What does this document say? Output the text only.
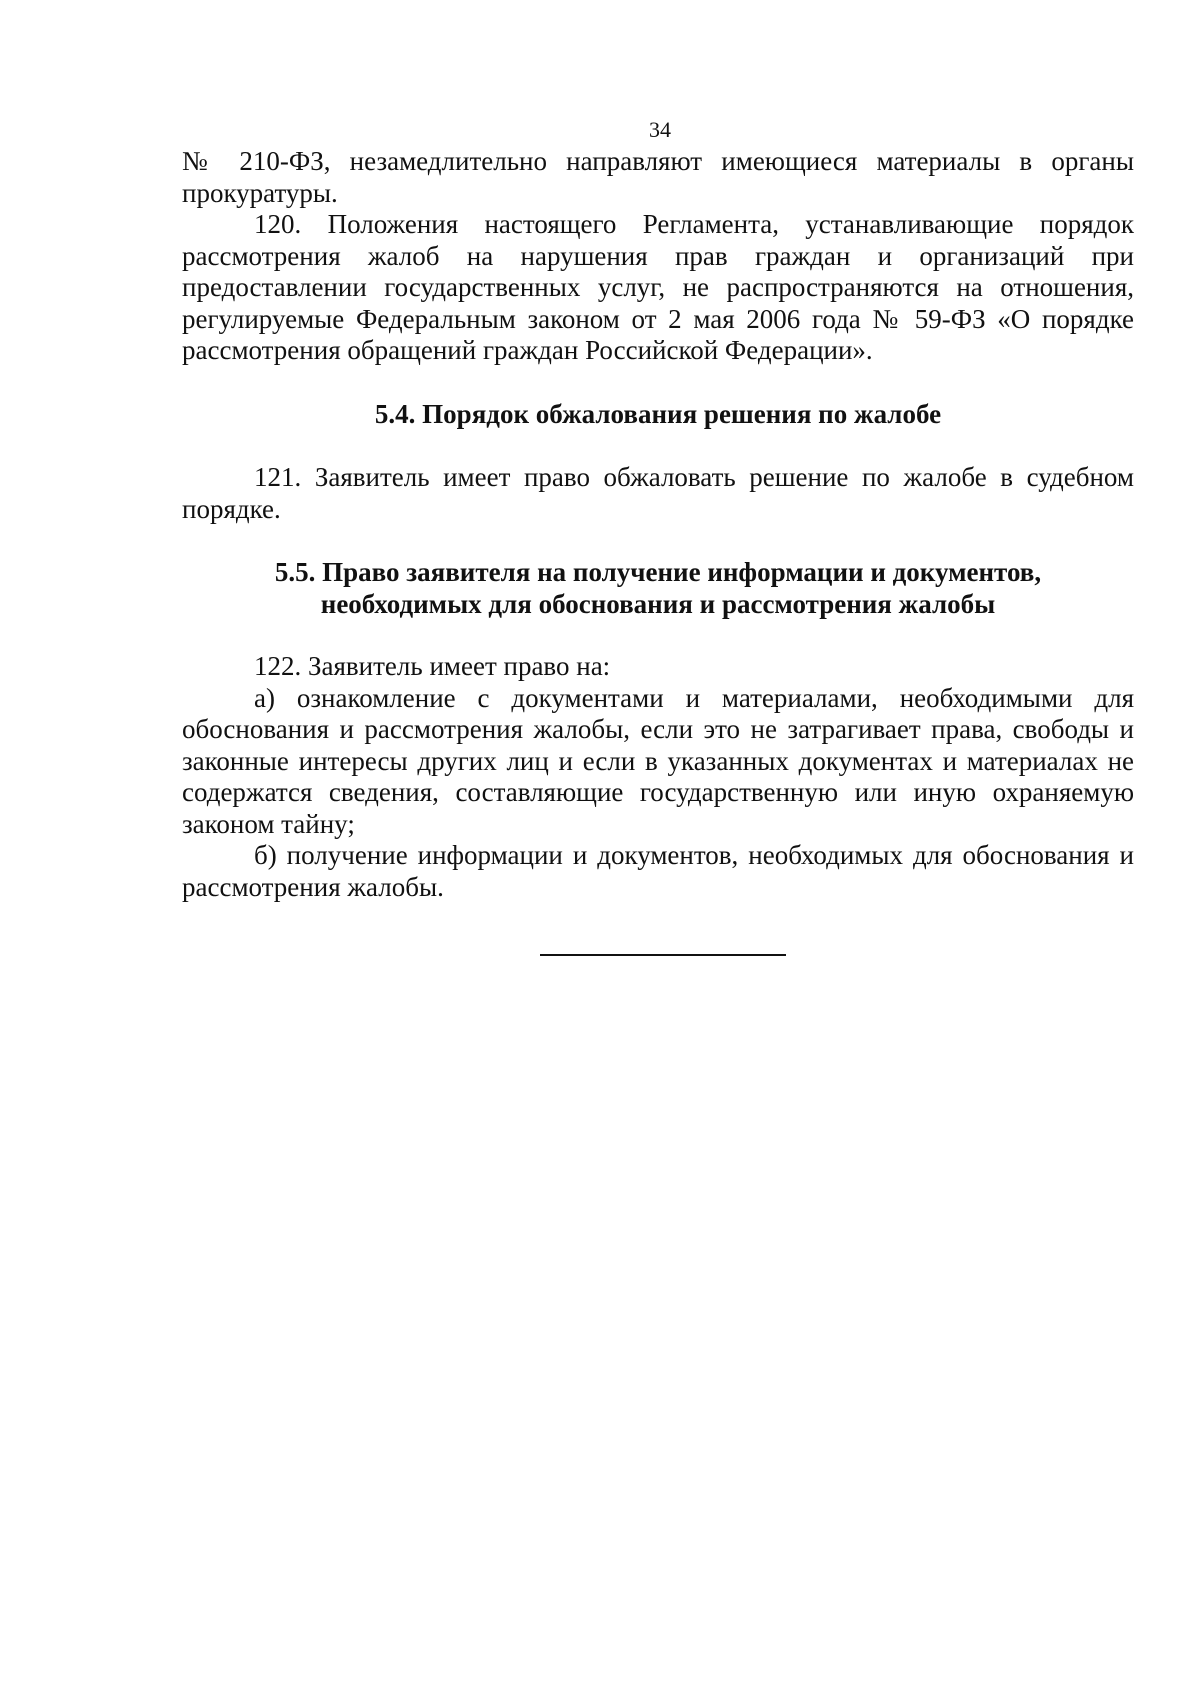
34

№ 210-ФЗ, незамедлительно направляют имеющиеся материалы в органы прокуратуры.

120. Положения настоящего Регламента, устанавливающие порядок рассмотрения жалоб на нарушения прав граждан и организаций при предоставлении государственных услуг, не распространяются на отношения, регулируемые Федеральным законом от 2 мая 2006 года № 59-ФЗ «О порядке рассмотрения обращений граждан Российской Федерации».

5.4. Порядок обжалования решения по жалобе

121. Заявитель имеет право обжаловать решение по жалобе в судебном порядке.

5.5. Право заявителя на получение информации и документов,
необходимых для обоснования и рассмотрения жалобы

122. Заявитель имеет право на:

а) ознакомление с документами и материалами, необходимыми для обоснования и рассмотрения жалобы, если это не затрагивает права, свободы и законные интересы других лиц и если в указанных документах и материалах не содержатся сведения, составляющие государственную или иную охраняемую законом тайну;

б) получение информации и документов, необходимых для обоснования и рассмотрения жалобы.
